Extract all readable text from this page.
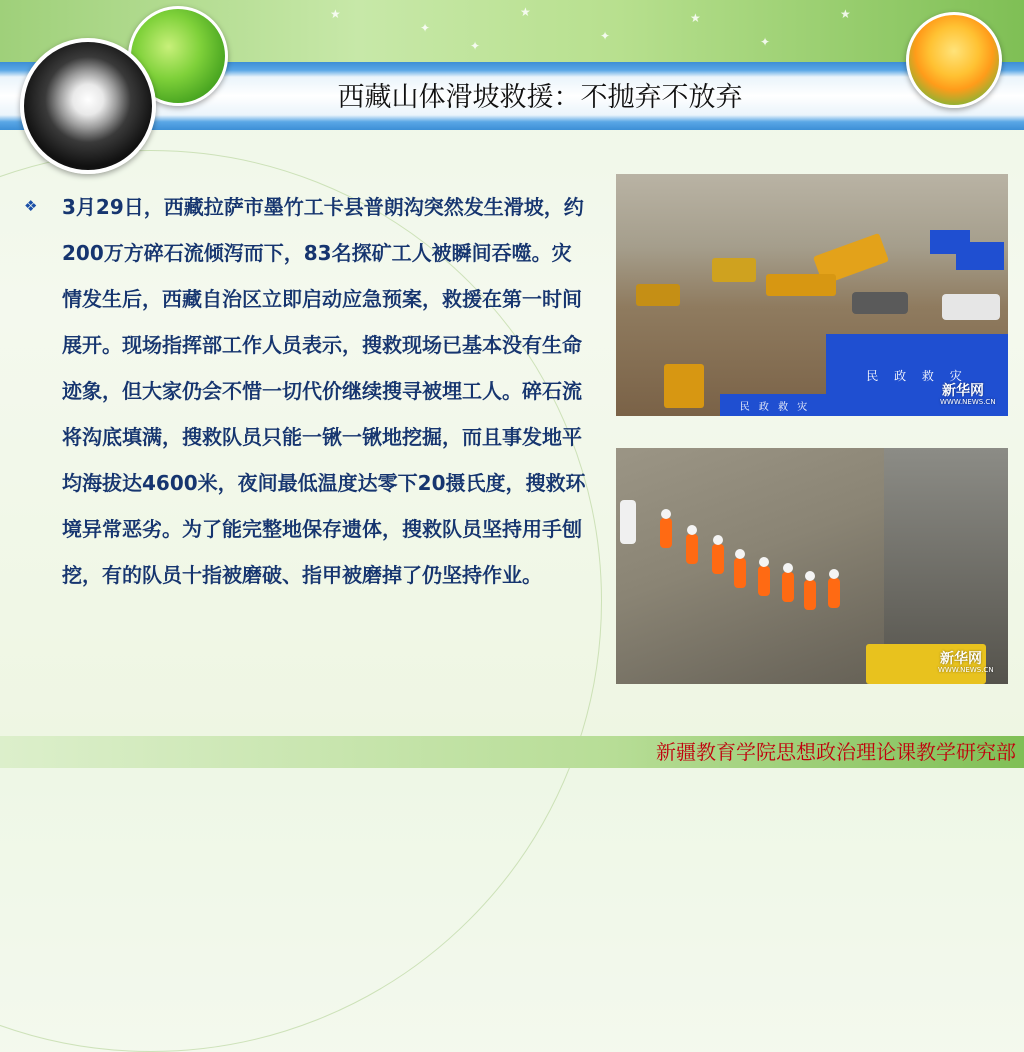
★
✦
★
✦
★
✦
★
✦
西藏山体滑坡救援：不抛弃不放弃
❖ 3月29日，西藏拉萨市墨竹工卡县普朗沟突然发生滑坡，约200万方碎石流倾泻而下，83名探矿工人被瞬间吞噬。灾情发生后，西藏自治区立即启动应急预案，救援在第一时间展开。现场指挥部工作人员表示，搜救现场已基本没有生命迹象，但大家仍会不惜一切代价继续搜寻被埋工人。碎石流将沟底填满，搜救队员只能一锹一锹地挖掘，而且事发地平均海拔达4600米，夜间最低温度达零下20摄氏度，搜救环境异常恶劣。为了能完整地保存遗体，搜救队员坚持用手刨挖，有的队员十指被磨破、指甲被磨掉了仍坚持作业。
民 政 救 灾
民 政 救 灾
新华网
WWW.NEWS.CN
新华网
WWW.NEWS.CN
新疆教育学院思想政治理论课教学研究部
